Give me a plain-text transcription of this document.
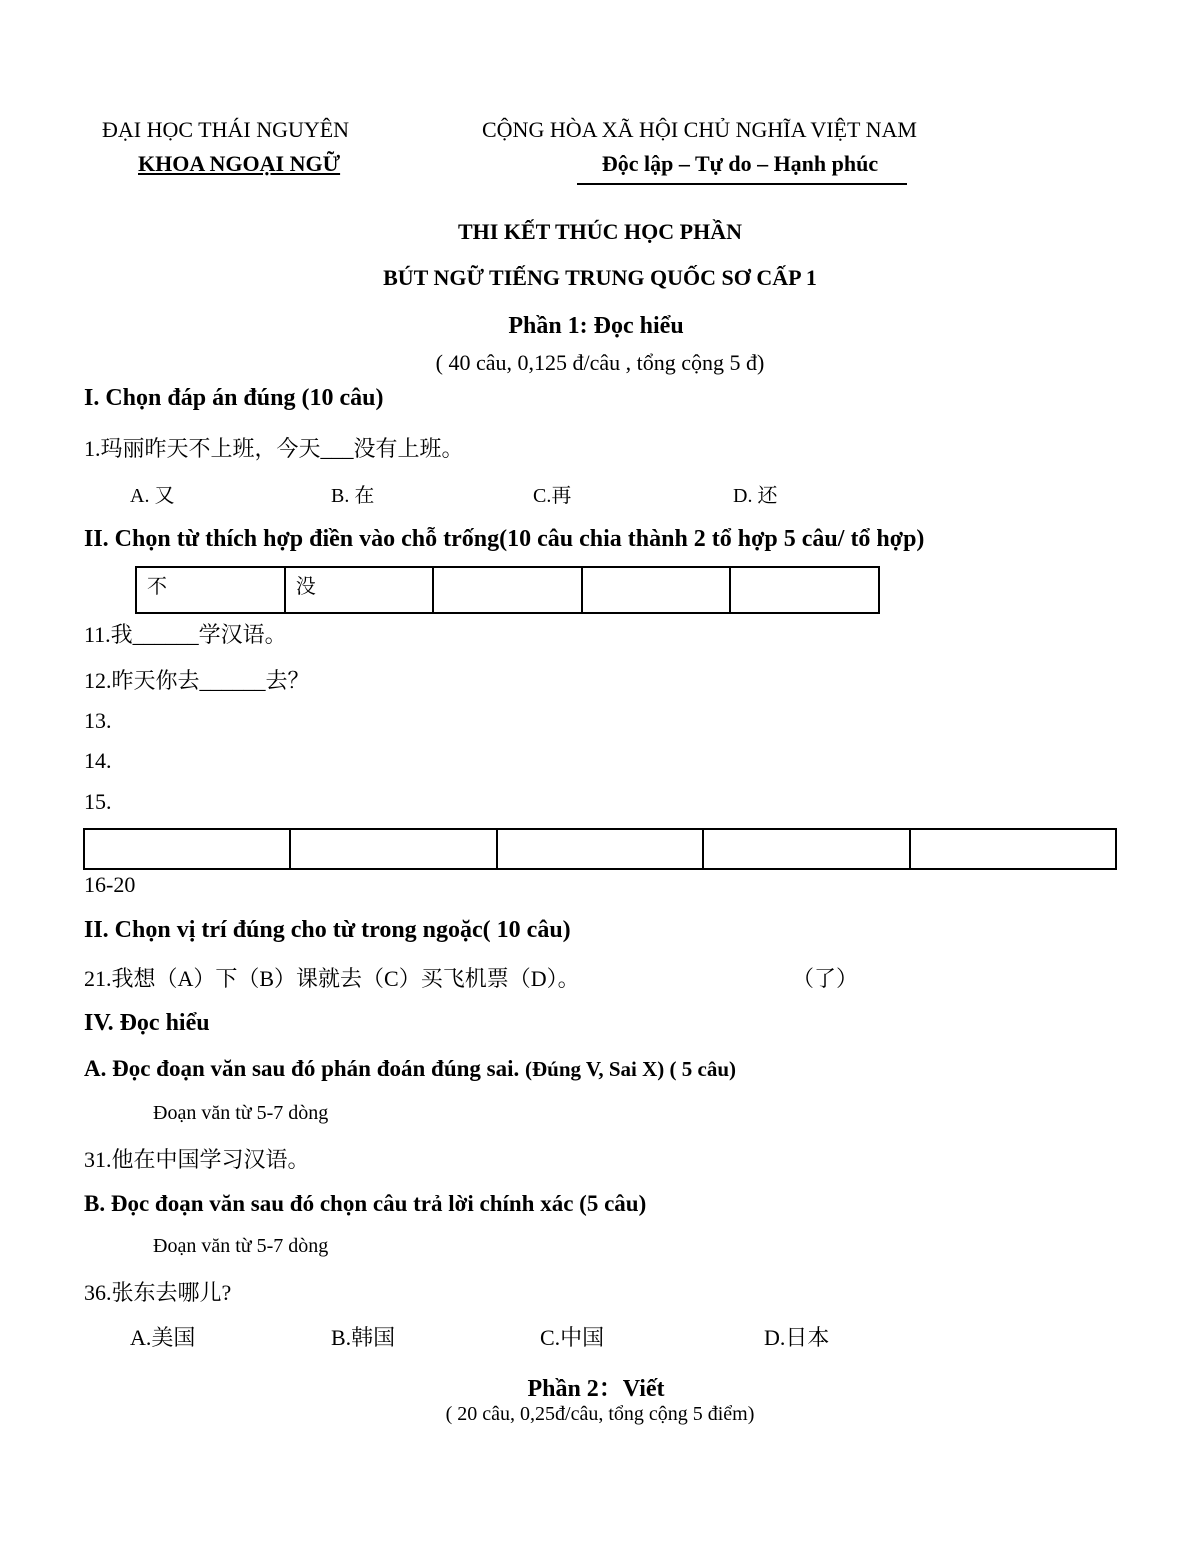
ĐẠI HỌC THÁI NGUYÊN
KHOA NGOẠI NGỮ
CỘNG HÒA XÃ HỘI CHỦ NGHĨA VIỆT NAM
Độc lập – Tự do – Hạnh phúc
THI KẾT THÚC HỌC PHẦN
BÚT NGỮ TIẾNG TRUNG QUỐC SƠ CẤP 1
Phần 1: Đọc hiểu
( 40 câu, 0,125 đ/câu , tổng cộng 5 đ)
I. Chọn đáp án đúng (10 câu)
1.玛丽昨天不上班，今天___没有上班。
A. 又	B. 在	C.再	D. 还
II. Chọn từ thích hợp điền vào chỗ trống(10 câu chia thành 2 tổ hợp 5 câu/ tổ hợp)
不	没			
11.我______学汉语。
12.昨天你去______去？
13.
14.
15.

16-20
II. Chọn vị trí đúng cho từ trong ngoặc( 10 câu)
21.我想（A）下（B）课就去（C）买飞机票（D）。	（了）
IV. Đọc hiểu
A. Đọc đoạn văn sau đó phán đoán đúng sai. (Đúng V, Sai X) ( 5 câu)
Đoạn văn từ 5-7 dòng
31.他在中国学习汉语。
B. Đọc đoạn văn sau đó chọn câu trả lời chính xác (5 câu)
Đoạn văn từ 5-7 dòng
36.张东去哪儿?
A.美国	B.韩国	C.中国	D.日本
Phần 2：Viết
( 20 câu, 0,25đ/câu, tổng cộng 5 điểm)
